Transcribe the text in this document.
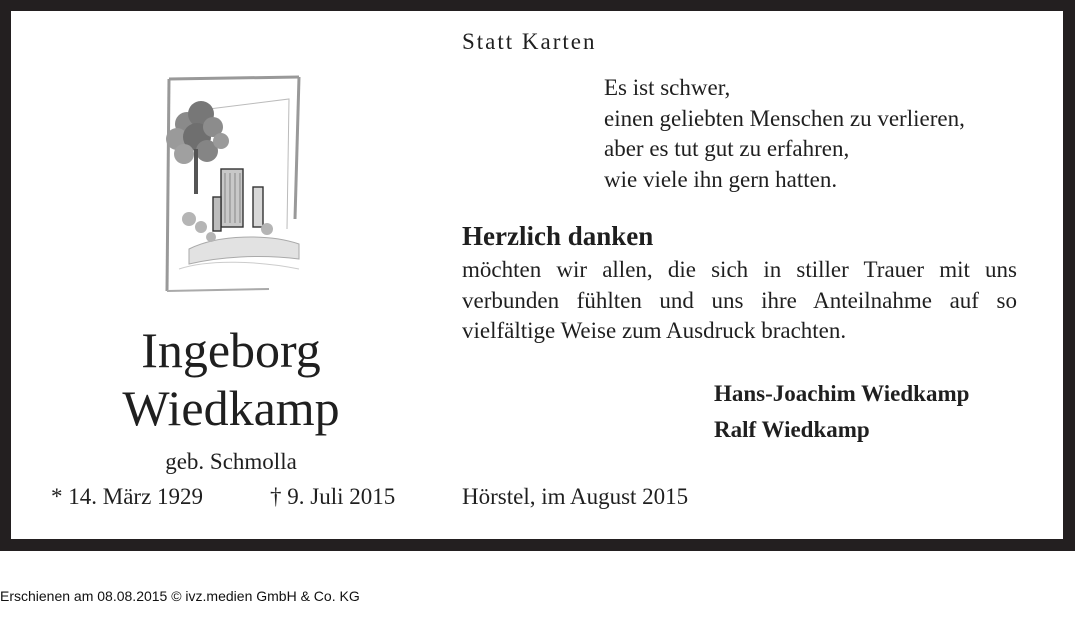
Statt Karten
Es ist schwer,
einen geliebten Menschen zu verlieren,
aber es tut gut zu erfahren,
wie viele ihn gern hatten.
Herzlich danken
möchten wir allen, die sich in stiller Trauer mit uns
verbunden fühlten und uns ihre Anteilnahme auf so
vielfältige Weise zum Ausdruck brachten.
Hans-Joachim Wiedkamp
Ralf Wiedkamp
Hörstel, im August 2015
Ingeborg
Wiedkamp
geb. Schmolla
* 14. März 1929	† 9. Juli 2015
Erschienen am 08.08.2015 © ivz.medien GmbH & Co. KG
